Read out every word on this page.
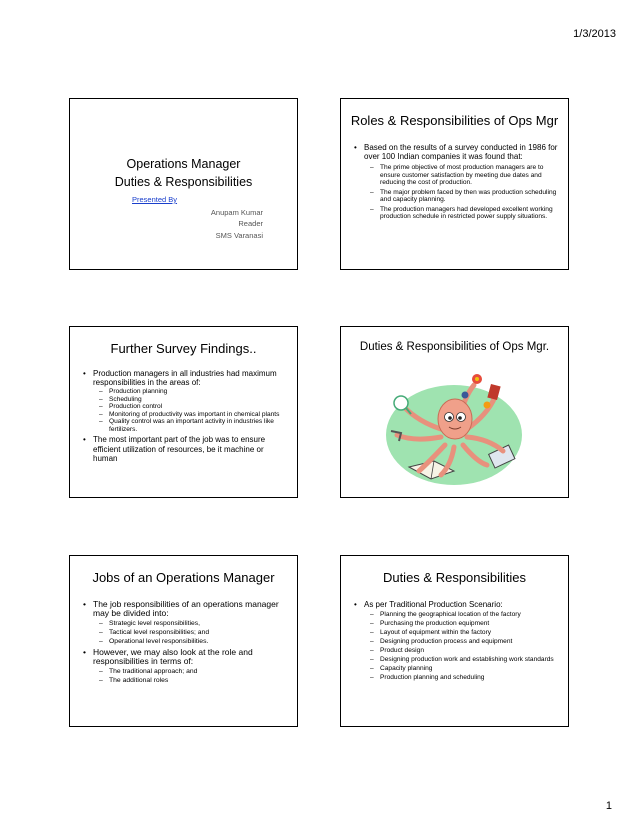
1/3/2013
Operations Manager
Duties & Responsibilities
Presented By
Anupam Kumar
Reader
SMS Varanasi
Roles & Responsibilities of Ops Mgr
• Based on the results of a survey conducted in 1986 for over 100 Indian companies it was found that:
– The prime objective of most production managers are to ensure customer satisfaction by meeting due dates and reducing the cost of production.
– The major problem faced by then was production scheduling and capacity planning.
– The production managers had developed excellent working production schedule in restricted power supply situations.
Further Survey Findings..
• Production managers in all industries had maximum responsibilities in the areas of:
– Production planning
– Scheduling
– Production control
– Monitoring of productivity was important in chemical plants
– Quality control was an important activity in industries like fertilizers.
• The most important part of the job was to ensure efficient utilization of resources, be it machine or human
Duties & Responsibilities of Ops Mgr.
Jobs of an Operations Manager
• The job responsibilities of an operations manager may be divided into:
– Strategic level responsibilities,
– Tactical level responsibilities; and
– Operational level responsibilities.
• However, we may also look at the role and responsibilities in terms of:
– The traditional approach; and
– The additional roles
Duties & Responsibilities
• As per Traditional Production Scenario:
– Planning the geographical location of the factory
– Purchasing the production equipment
– Layout of equipment within the factory
– Designing production process and equipment
– Product design
– Designing production work and establishing work standards
– Capacity planning
– Production planning and scheduling
1
